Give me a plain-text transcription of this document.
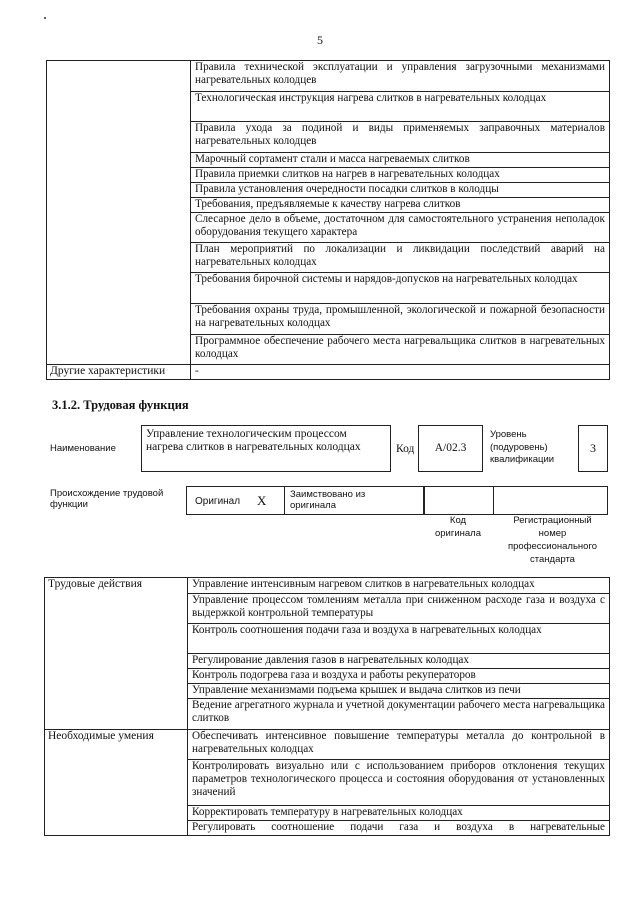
5
	Правила технической эксплуатации и управления загрузочными механизмами нагревательных колодцев
	Технологическая инструкция нагрева слитков в нагревательных колодцах
	Правила ухода за подиной и виды применяемых заправочных материалов нагревательных колодцев
	Марочный сортамент стали и масса нагреваемых слитков
	Правила приемки слитков на нагрев в нагревательных колодцах
	Правила установления очередности посадки слитков в колодцы
	Требования, предъявляемые к качеству нагрева слитков
	Слесарное дело в объеме, достаточном для самостоятельного устранения неполадок оборудования текущего характера
	План мероприятий по локализации и ликвидации последствий аварий на нагревательных колодцах
	Требования бирочной системы и нарядов-допусков на нагревательных колодцах
	Требования охраны труда, промышленной, экологической и пожарной безопасности на нагревательных колодцах
	Программное обеспечение рабочего места нагревальщика слитков в нагревательных колодцах
Другие характеристики	-
3.1.2. Трудовая функция
Наименование
Управление технологическим процессом нагрева слитков в нагревательных колодцах	Код	A/02.3
Уровень
(подуровень)
квалификации
3
Происхождение трудовой
функции	Оригинал X Заимствовано из
оригинала
Код
оригинала
Регистрационный
номер
профессионального
стандарта
Трудовые действия	Управление интенсивным нагревом слитков в нагревательных колодцах
	Управление процессом томлениям металла при сниженном расходе газа и воздуха с выдержкой контрольной температуры
	Контроль соотношения подачи газа и воздуха в нагревательных колодцах
	Регулирование давления газов в нагревательных колодцах
	Контроль подогрева газа и воздуха и работы рекуператоров
	Управление механизмами подъема крышек и выдача слитков из печи
	Ведение агрегатного журнала и учетной документации рабочего места нагревальщика слитков
Необходимые умения	Обеспечивать интенсивное повышение температуры металла до контрольной в нагревательных колодцах
	Контролировать визуально или с использованием приборов отклонения текущих параметров технологического процесса и состояния оборудования от установленных значений
	Корректировать температуру в нагревательных колодцах
	Регулировать соотношение подачи газа и воздуха в нагревательные
